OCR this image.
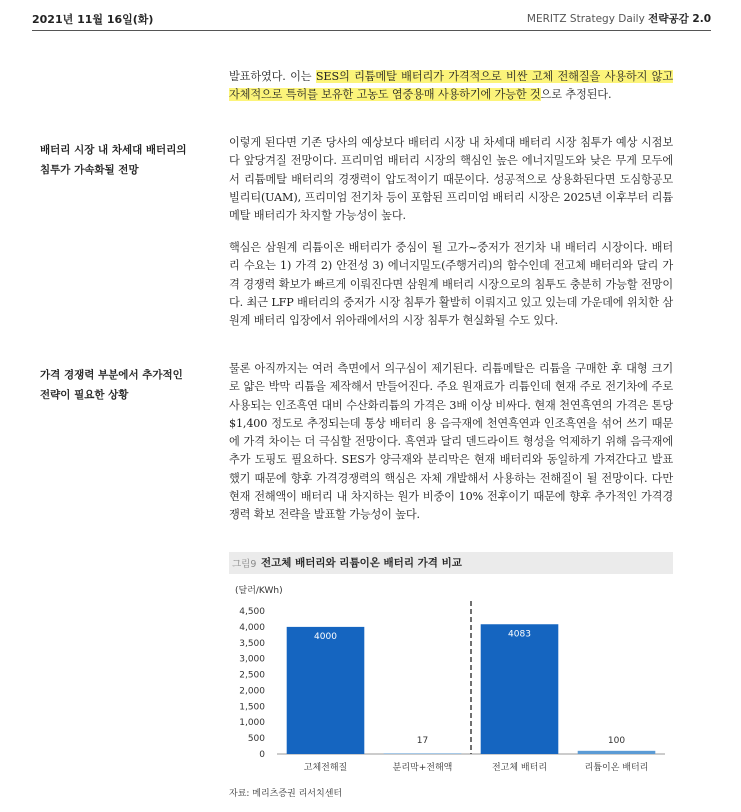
2021년 11월 16일(화)	MERITZ Strategy Daily 전략공감 2.0
발표하였다. 이는 SES의 리튬메탈 배터리가 가격적으로 비싼 고체 전해질을 사용하지 않고 자체적으로 특허를 보유한 고농도 염중용매 사용하기에 가능한 것으로 추정된다.
배터리 시장 내 차세대 배터리의
침투가 가속화될 전망
이렇게 된다면 기존 당사의 예상보다 배터리 시장 내 차세대 배터리 시장 침투가 예상 시점보다 앞당겨질 전망이다. 프리미엄 배터리 시장의 핵심인 높은 에너지밀도와 낮은 무게 모두에서 리튬메탈 배터리의 경쟁력이 압도적이기 때문이다. 성공적으로 상용화된다면 도심항공모빌리티(UAM), 프리미엄 전기차 등이 포함된 프리미엄 배터리 시장은 2025년 이후부터 리튬메탈 배터리가 차지할 가능성이 높다.
핵심은 삼원계 리튬이온 배터리가 중심이 될 고가~중저가 전기차 내 배터리 시장이다. 배터리 수요는 1) 가격 2) 안전성 3) 에너지밀도(주행거리)의 함수인데 전고체 배터리와 달리 가격 경쟁력 확보가 빠르게 이뤄진다면 삼원계 배터리 시장으로의 침투도 충분히 가능할 전망이다. 최근 LFP 배터리의 중저가 시장 침투가 활발히 이뤄지고 있고 있는데 가운데에 위치한 삼원계 배터리 입장에서 위아래에서의 시장 침투가 현실화될 수도 있다.
가격 경쟁력 부분에서 추가적인
전략이 필요한 상황
물론 아직까지는 여러 측면에서 의구심이 제기된다. 리튬메탈은 리튬을 구매한 후 대형 크기로 얇은 박막 리튬을 제작해서 만들어진다. 주요 원재료가 리튬인데 현재 주로 전기차에 주로 사용되는 인조흑연 대비 수산화리튬의 가격은 3배 이상 비싸다. 현재 천연흑연의 가격은 톤당 $1,400 정도로 추정되는데 통상 배터리 용 음극재에 천연흑연과 인조흑연을 섞어 쓰기 때문에 가격 차이는 더 극심할 전망이다. 흑연과 달리 덴드라이트 형성을 억제하기 위해 음극재에 추가 도핑도 필요하다. SES가 양극재와 분리막은 현재 배터리와 동일하게 가져간다고 발표했기 때문에 향후 가격경쟁력의 핵심은 자체 개발해서 사용하는 전해질이 될 전망이다. 다만 현재 전해액이 배터리 내 차지하는 원가 비중이 10% 전후이기 때문에 향후 추가적인 가격경쟁력 확보 전략을 발표할 가능성이 높다.
그림9 전고체 배터리와 리튬이온 배터리 가격 비교
(달러/KWh)
0
500
1,000
1,500
2,000
2,500
3,000
3,500
4,000
4,500
4000
고체전해질
17
분리막+전해액
4083
전고체 배터리
100
리튬이온 배터리
자료: 메리츠증권 리서치센터
